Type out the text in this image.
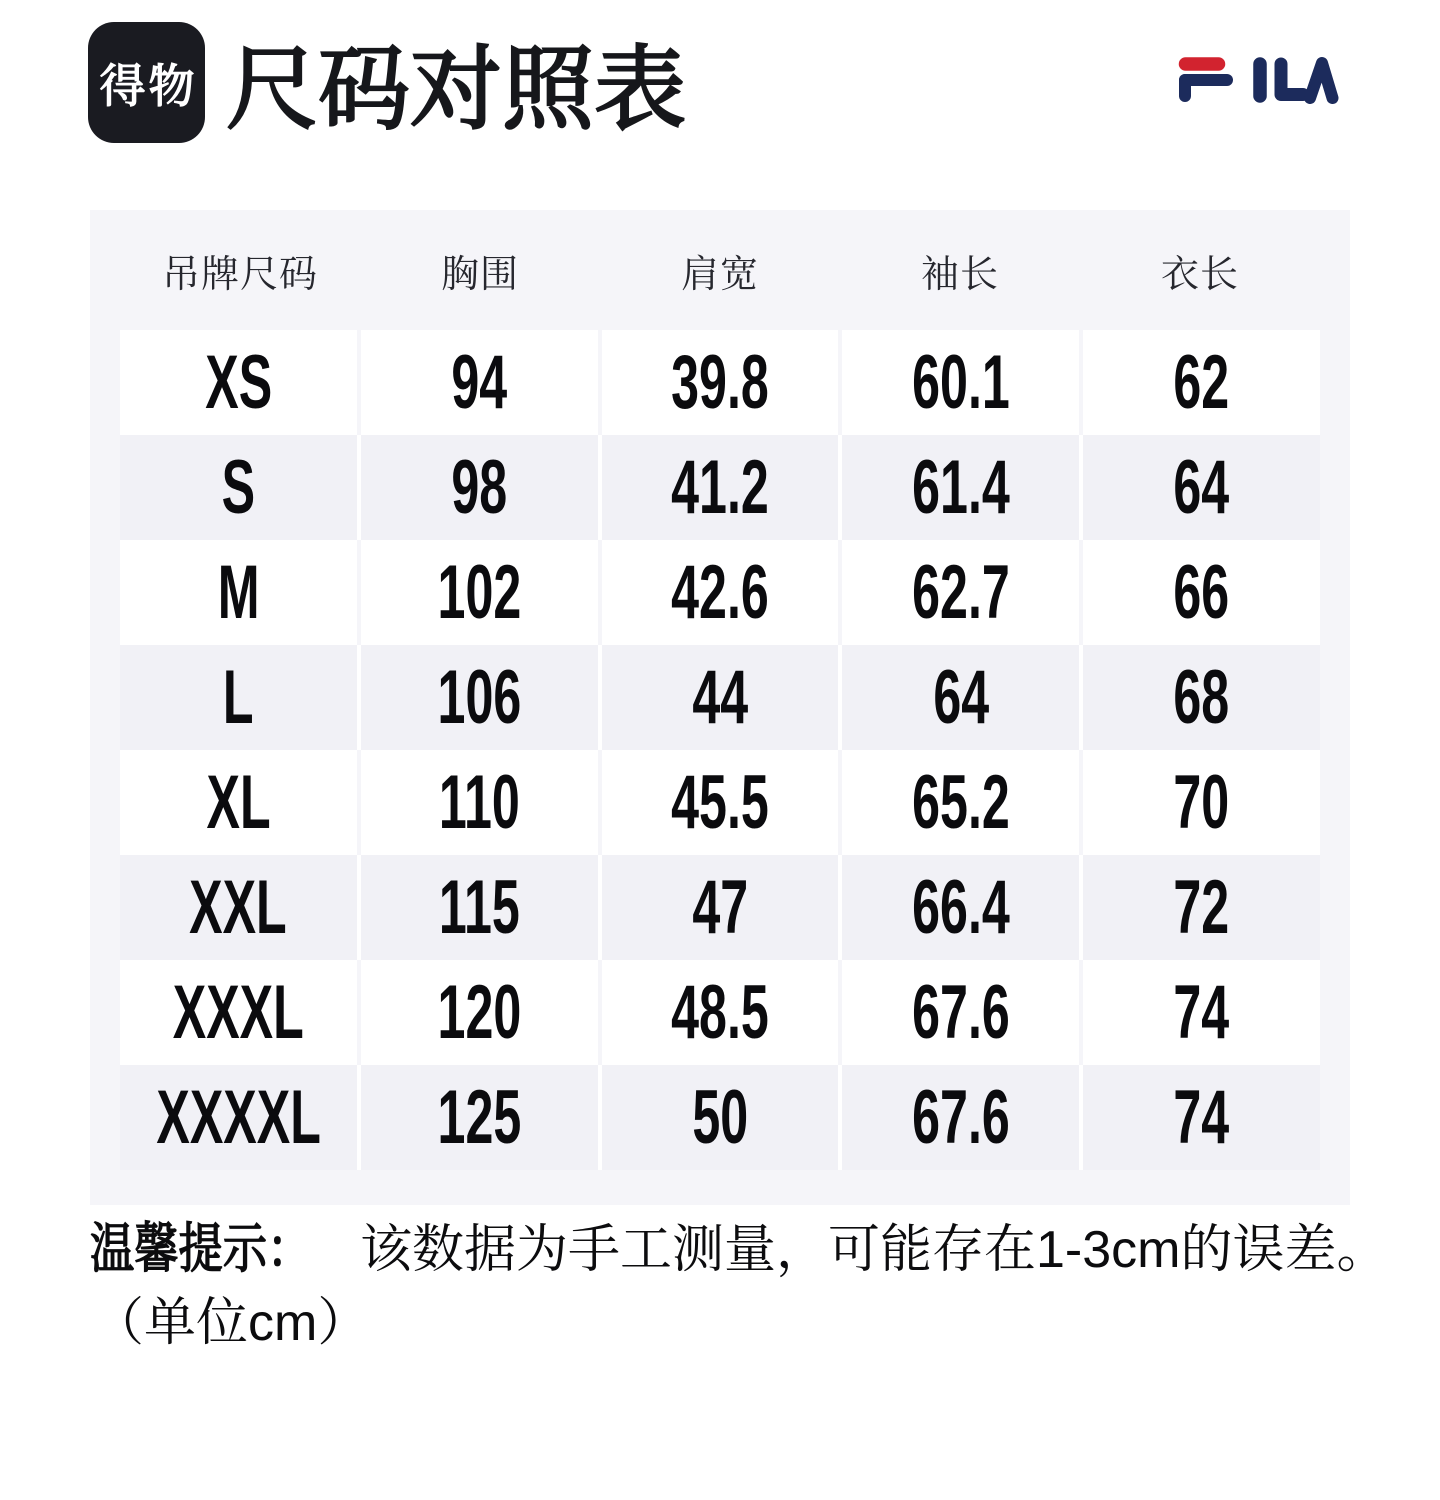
得物 尺码对照表
吊牌尺码	胸围	肩宽	袖长	衣长
XS 94 39.8 60.1 62
S	98 41.2 61.4 64
M 102 42.6 62.7 66
L 106 44 64 68
XL 110 45.5 65.2 70
XXL 115 47 66.4 72
XXXL 120 48.5 67.6 74
XXXXL 125 50 67.6 74

温馨提示： 该数据为手工测量，可能存在1-3cm的误差。

（单位cm）
